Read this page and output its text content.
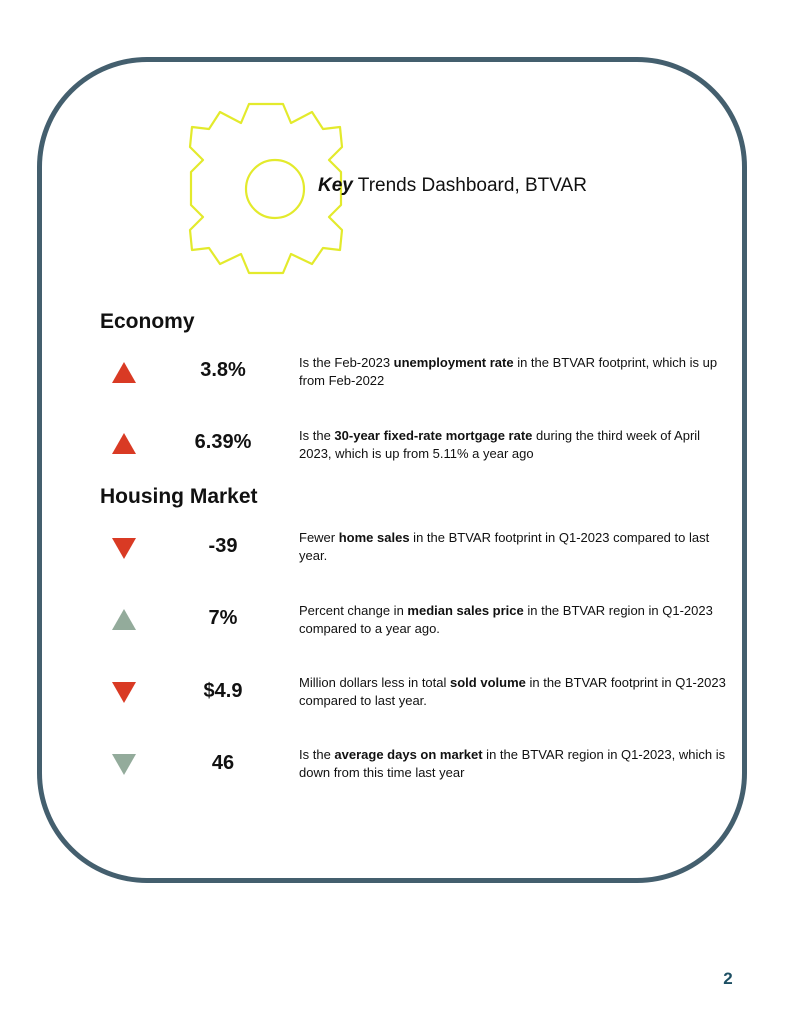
Key Trends Dashboard, BTVAR
Economy
Housing Market
3.8%	Is the Feb-2023 unemployment rate in the BTVAR footprint, which is up from Feb-2022
6.39%	Is the 30-year fixed-rate mortgage rate during the third week of April 2023, which is up from 5.11% a year ago
-39	Fewer home sales in the BTVAR footprint in Q1-2023 compared to last year.
7%	Percent change in median sales price in the BTVAR region in Q1-2023 compared to a year ago.
$4.9	Million dollars less in total sold volume in the BTVAR footprint in Q1-2023 compared to last year.
46	Is the average days on market in the BTVAR region in Q1-2023, which is down from this time last year
2
